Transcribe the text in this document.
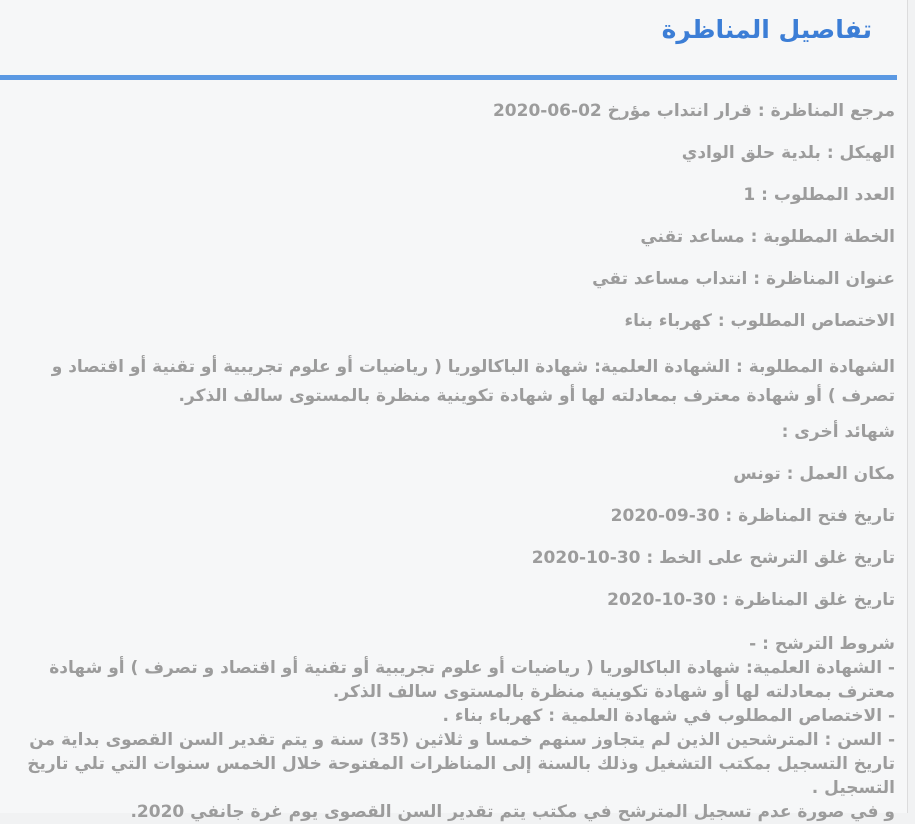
تفاصيل المناظرة
مرجع المناظرة : قرار انتداب مؤرخ 02-06-2020
الهيكل : بلدية حلق الوادي
العدد المطلوب : 1
الخطة المطلوبة : مساعد تقني
عنوان المناظرة : انتداب مساعد تقي
الاختصاص المطلوب : كهرباء بناء
الشهادة المطلوبة : الشهادة العلمية: شهادة الباكالوريا ( رياضيات أو علوم تجريبية أو تقنية أو اقتصاد و تصرف ) أو شهادة معترف بمعادلته لها أو شهادة تكوينية منظرة بالمستوى سالف الذكر.
شهائد أخرى :
مكان العمل : تونس
تاريخ فتح المناظرة : 30-09-2020
تاريخ غلق الترشح على الخط : 30-10-2020
تاريخ غلق المناظرة : 30-10-2020
شروط الترشح : -
- الشهادة العلمية: شهادة الباكالوريا ( رياضيات أو علوم تجريبية أو تقنية أو اقتصاد و تصرف ) أو شهادة معترف بمعادلته لها أو شهادة تكوينية منظرة بالمستوى سالف الذكر.
- الاختصاص المطلوب في شهادة العلمية : كهرباء بناء .
- السن : المترشحين الذين لم يتجاوز سنهم خمسا و ثلاثين (35) سنة و يتم تقدير السن القصوى بداية من تاريخ التسجيل بمكتب التشغيل وذلك بالسنة إلى المناظرات المفتوحة خلال الخمس سنوات التي تلي تاريخ التسجيل .
و في صورة عدم تسجيل المترشح في مكتب يتم تقدير السن القصوى يوم غرة جانفي 2020.
